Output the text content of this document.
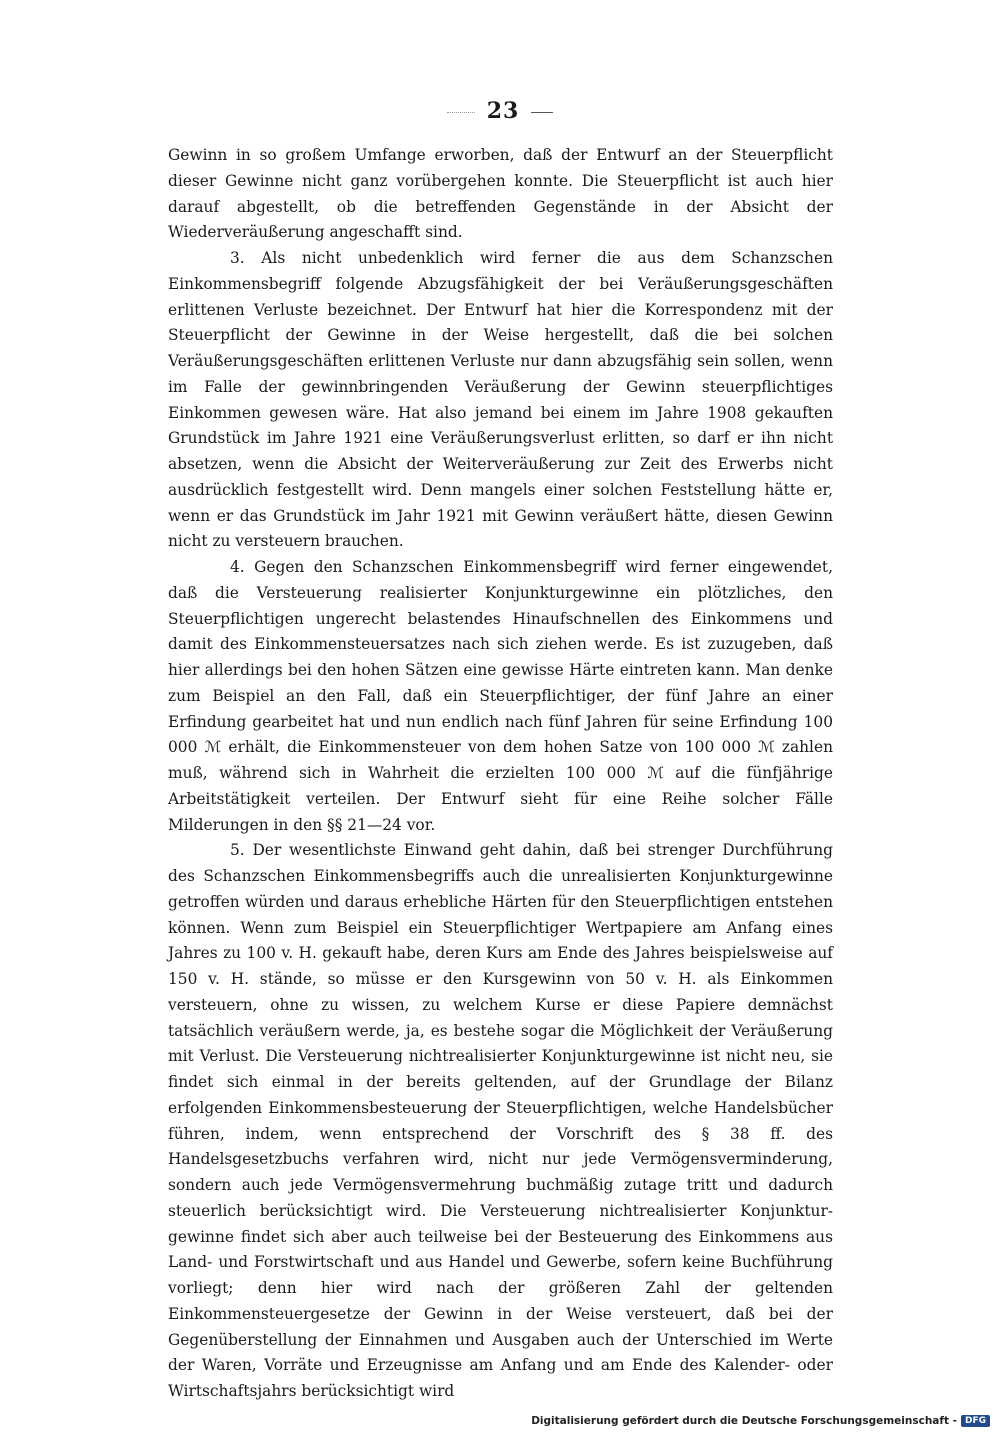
23

Gewinn in so großem Umfange erworben, daß der Entwurf an der Steuerpflicht dieser Gewinne nicht ganz vorübergehen konnte. Die Steuerpflicht ist auch hier darauf abgestellt, ob die betreffenden Gegenstände in der Absicht der Wiederveräußerung angeschafft sind.

3. Als nicht unbedenklich wird ferner die aus dem Schanzschen Einkommensbegriff folgende Abzugsfähigkeit der bei Veräußerungsgeschäften erlittenen Verluste bezeichnet. Der Entwurf hat hier die Korrespondenz mit der Steuerpflicht der Gewinne in der Weise hergestellt, daß die bei solchen Veräußerungsgeschäften erlittenen Verluste nur dann abzugsfähig sein sollen, wenn im Falle der gewinnbringenden Veräußerung der Gewinn steuerpflichtiges Einkommen gewesen wäre. Hat also jemand bei einem im Jahre 1908 gekauften Grundstück im Jahre 1921 eine Veräußerungsverlust erlitten, so darf er ihn nicht absetzen, wenn die Absicht der Weiterveräußerung zur Zeit des Erwerbs nicht ausdrücklich festgestellt wird. Denn mangels einer solchen Feststellung hätte er, wenn er das Grundstück im Jahr 1921 mit Gewinn veräußert hätte, diesen Gewinn nicht zu versteuern brauchen.

4. Gegen den Schanzschen Einkommensbegriff wird ferner eingewendet, daß die Versteuerung realisierter Konjunkturgewinne ein plötzliches, den Steuerpflichtigen ungerecht belastendes Hinaufschnellen des Einkommens und damit des Einkommensteuersatzes nach sich ziehen werde. Es ist zuzugeben, daß hier allerdings bei den hohen Sätzen eine gewisse Härte eintreten kann. Man denke zum Beispiel an den Fall, daß ein Steuerpflichtiger, der fünf Jahre an einer Erfindung gearbeitet hat und nun endlich nach fünf Jahren für seine Erfindung 100 000 ℳ erhält, die Einkommensteuer von dem hohen Satze von 100 000 ℳ zahlen muß, während sich in Wahrheit die erzielten 100 000 ℳ auf die fünfjährige Arbeitstätigkeit verteilen. Der Entwurf sieht für eine Reihe solcher Fälle Milderungen in den §§ 21—24 vor.

5. Der wesentlichste Einwand geht dahin, daß bei strenger Durchführung des Schanzschen Einkommensbegriffs auch die unrealisierten Konjunkturgewinne getroffen würden und daraus erhebliche Härten für den Steuerpflichtigen entstehen können. Wenn zum Beispiel ein Steuerpflichtiger Wertpapiere am Anfang eines Jahres zu 100 v. H. gekauft habe, deren Kurs am Ende des Jahres beispielsweise auf 150 v. H. stände, so müsse er den Kursgewinn von 50 v. H. als Einkommen versteuern, ohne zu wissen, zu welchem Kurse er diese Papiere demnächst tatsächlich veräußern werde, ja, es bestehe sogar die Möglichkeit der Veräußerung mit Verlust. Die Versteuerung nichtrealisierter Konjunkturgewinne ist nicht neu, sie findet sich einmal in der bereits geltenden, auf der Grundlage der Bilanz erfolgenden Einkommensbesteuerung der Steuerpflichtigen, welche Handelsbücher führen, indem, wenn entsprechend der Vorschrift des § 38 ff. des Handelsgesetzbuchs verfahren wird, nicht nur jede Vermögensverminderung, sondern auch jede Vermögensvermehrung buchmäßig zutage tritt und dadurch steuerlich berücksichtigt wird. Die Versteuerung nichtrealisierter Konjunkturgewinne findet sich aber auch teilweise bei der Besteuerung des Einkommens aus Land- und Forstwirtschaft und aus Handel und Gewerbe, sofern keine Buchführung vorliegt; denn hier wird nach der größeren Zahl der geltenden Einkommensteuergesetze der Gewinn in der Weise versteuert, daß bei der Gegenüberstellung der Einnahmen und Ausgaben auch der Unterschied im Werte der Waren, Vorräte und Erzeugnisse am Anfang und am Ende des Kalender- oder Wirtschaftsjahrs berücksichtigt wird

Digitalisierung gefördert durch die Deutsche Forschungsgemeinschaft - DFG
